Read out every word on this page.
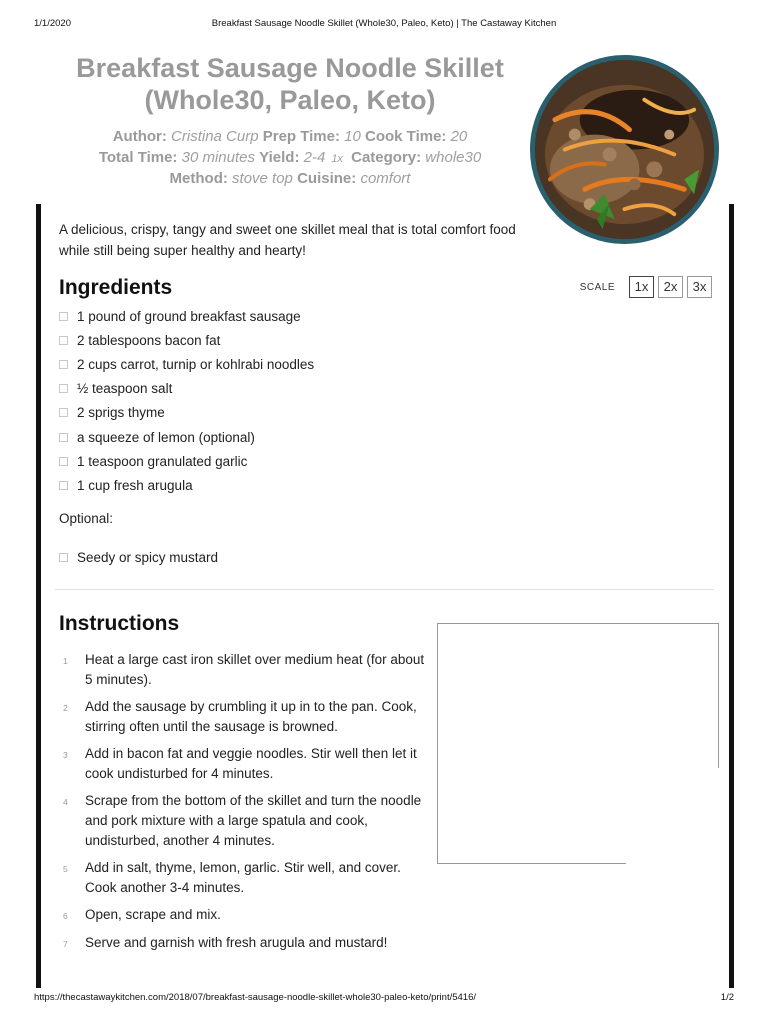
1/1/2020	Breakfast Sausage Noodle Skillet (Whole30, Paleo, Keto) | The Castaway Kitchen
Breakfast Sausage Noodle Skillet (Whole30, Paleo, Keto)
Author: Cristina Curp Prep Time: 10 Cook Time: 20
Total Time: 30 minutes Yield: 2-4 1x Category: whole30
Method: stove top Cuisine: comfort

A delicious, crispy, tangy and sweet one skillet meal that is total comfort food while still being super healthy and hearty!

Ingredients	SCALE	1x	2x	3x
1 pound of ground breakfast sausage
2 tablespoons bacon fat
2 cups carrot, turnip or kohlrabi noodles
½ teaspoon salt
2 sprigs thyme
a squeeze of lemon (optional)
1 teaspoon granulated garlic
1 cup fresh arugula
Optional:
Seedy or spicy mustard
Instructions
1	Heat a large cast iron skillet over medium heat (for about 5 minutes).
2	Add the sausage by crumbling it up in to the pan. Cook, stirring often until the sausage is browned.
3	Add in bacon fat and veggie noodles. Stir well then let it cook undisturbed for 4 minutes.
4	Scrape from the bottom of the skillet and turn the noodle and pork mixture with a large spatula and cook, undisturbed, another 4 minutes.
5	Add in salt, thyme, lemon, garlic. Stir well, and cover. Cook another 3-4 minutes.
6	Open, scrape and mix.
7	Serve and garnish with fresh arugula and mustard!
https://thecastawaykitchen.com/2018/07/breakfast-sausage-noodle-skillet-whole30-paleo-keto/print/5416/	1/2
